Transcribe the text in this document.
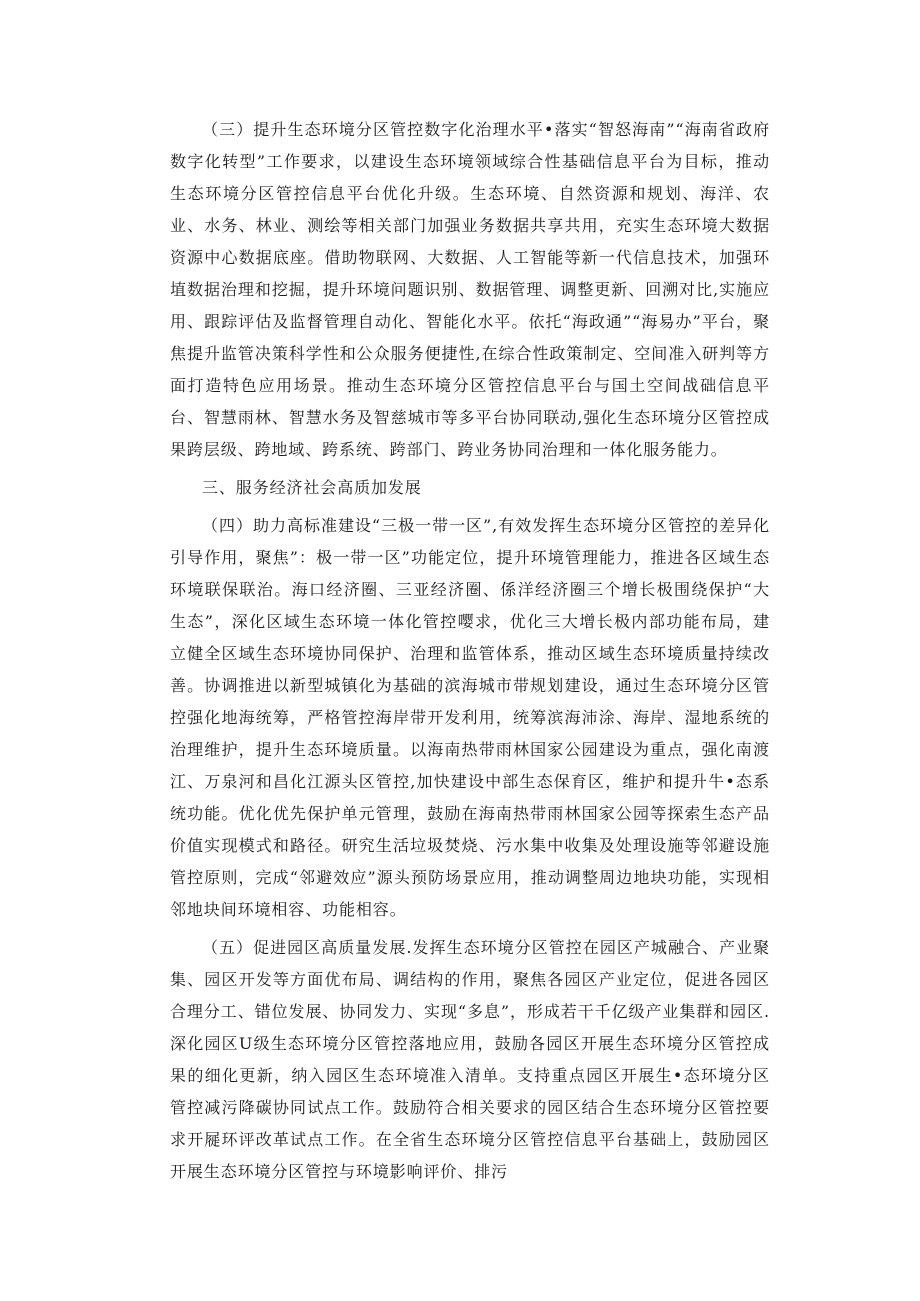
（三）提升生态环境分区管控数字化治理水平•落实“智怒海南”“海南省政府数字化转型”工作要求，以建设生态环境领域综合性基础信息平台为目标，推动生态环境分区管控信息平台优化升级。生态环境、自然资源和规划、海洋、农业、水务、林业、测绘等相关部门加强业务数据共享共用，充实生态环境大数据资源中心数据底座。借助物联网、大数据、人工智能等新一代信息技术，加强环埴数据治理和挖掘，提升环境问题识别、数据管理、调整更新、回溯对比,实施应用、跟踪评估及监督管理自动化、智能化水平。依托“海政通”“海易办”平台，聚焦提升监管决策科学性和公众服务便捷性,在综合性政策制定、空间准入研判等方面打造特色应用场景。推动生态环境分区管控信息平台与国土空间战础信息平台、智慧雨林、智慧水务及智慈城市等多平台协同联动,强化生态环境分区管控成果跨层级、跨地域、跨系统、跨部门、跨业务协同治理和一体化服务能力。

三、服务经济社会高质加发展

（四）助力高标准建设“三极一带一区”,有效发挥生态环境分区管控的差异化引导作用，聚焦”：极一带一区”功能定位，提升环境管理能力，推进各区域生态环境联保联治。海口经济圈、三亚经济圈、係洋经济圈三个增长极围绕保护“大生态”，深化区域生态环境一体化管控嘤求，优化三大增长极内部功能布局，建立健全区域生态环境协同保护、治理和监管体系，推动区域生态环境质量持续改善。协调推进以新型城镇化为基础的滨海城市带规划建设，通过生态环境分区管控强化地海统筹，严格管控海岸带开发利用，统筹滨海沛涂、海岸、湿地系统的治理维护，提升生态环境质量。以海南热带雨林国家公园建设为重点，强化南渡江、万泉河和昌化江源头区管控,加快建设中部生态保育区，维护和提升牛•态系统功能。优化优先保护单元管理，鼓励在海南热带雨林国家公园等探索生态产品价值实现模式和路径。研究生活垃圾焚烧、污水集中收集及处理设施等邻避设施管控原则，完成“邻避效应”源头预防场景应用，推动调整周边地块功能，实现相邻地块间环境相容、功能相容。

（五）促进园区高质量发展.发挥生态环境分区管控在园区产城融合、产业聚集、园区开发等方面优布局、调结构的作用，聚焦各园区产业定位，促进各园区合理分工、错位发展、协同发力、实现“多息”，形成若干千亿级产业集群和园区.深化园区U级生态环境分区管控落地应用，鼓励各园区开展生态环境分区管控成果的细化更新，纳入园区生态环境准入清单。支持重点园区开展生•态环境分区管控减污降碳协同试点工作。鼓励符合相关要求的园区结合生态环境分区管控要求开屣环评改革试点工作。在全省生态环境分区管控信息平台基础上，鼓励园区开展生态环境分区管控与环境影响评价、排污
